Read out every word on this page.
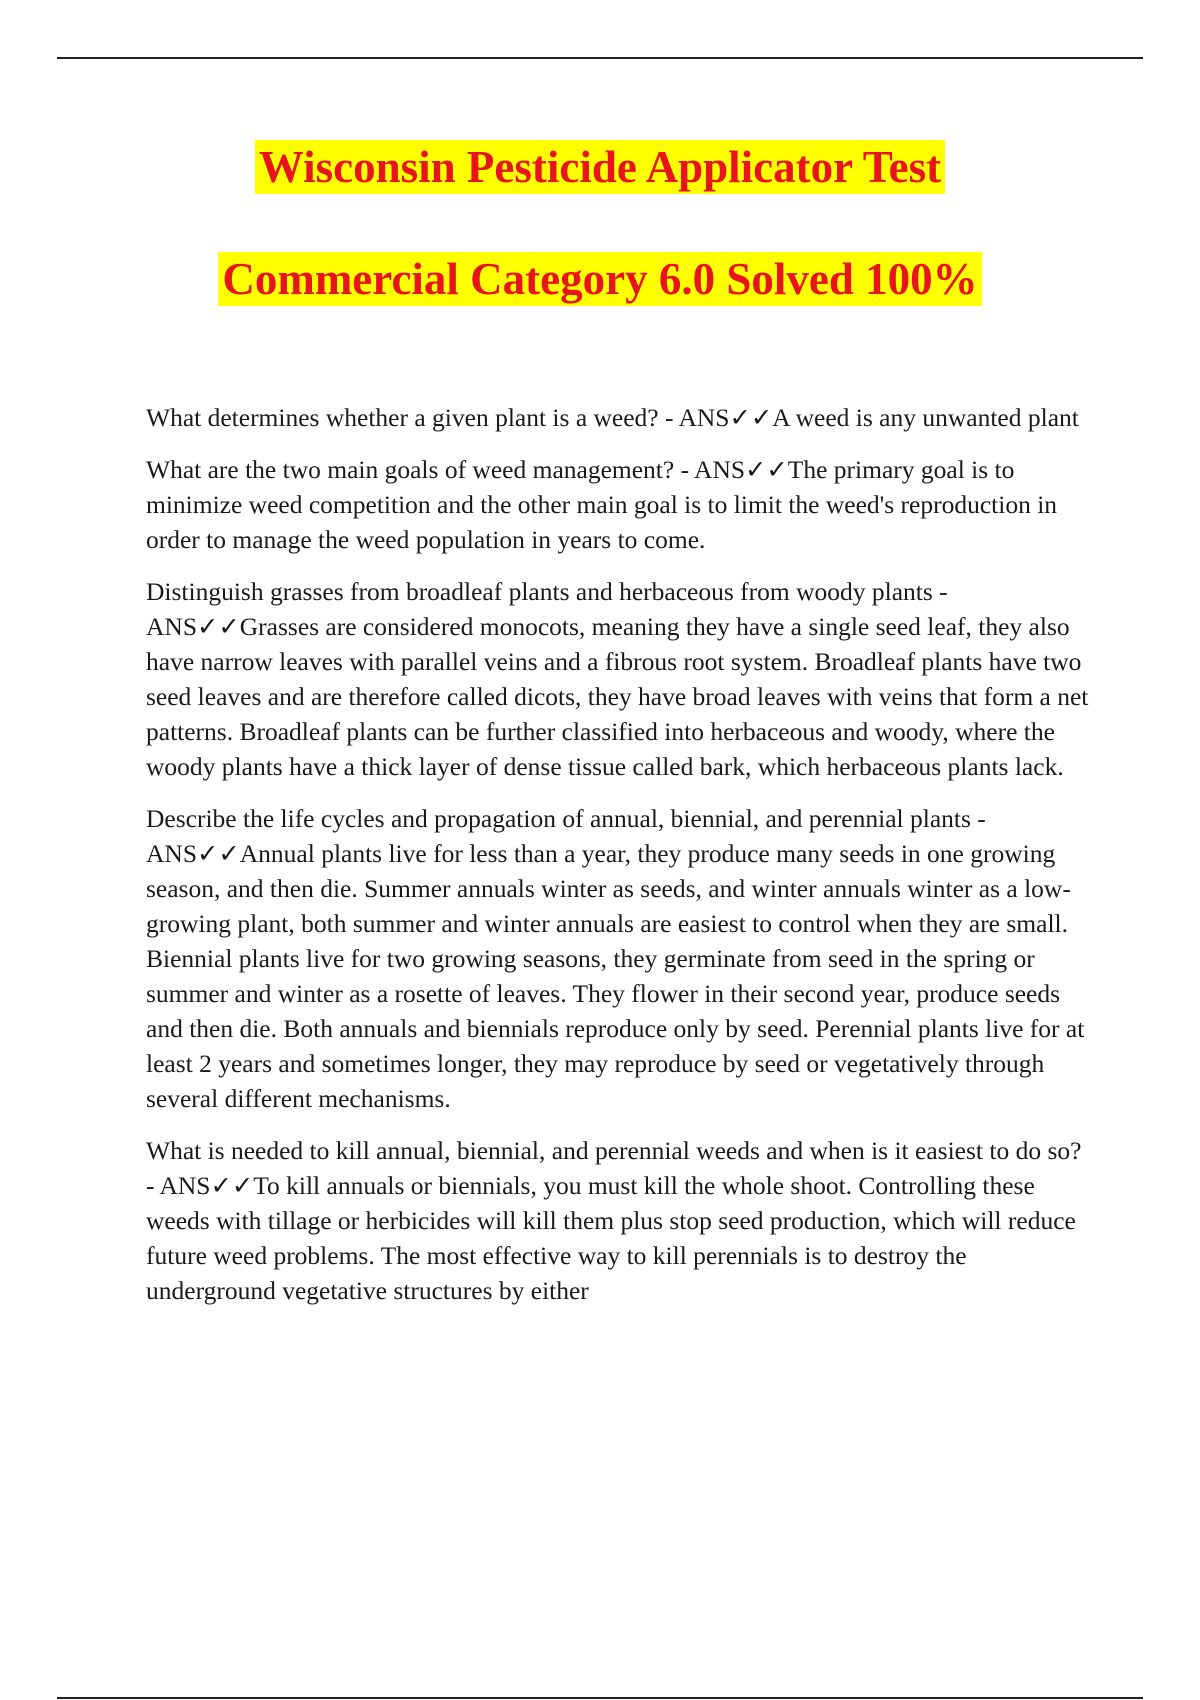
Wisconsin Pesticide Applicator Test
Commercial Category 6.0 Solved 100%

What determines whether a given plant is a weed? - ANS✓✓A weed is any unwanted plant

What are the two main goals of weed management? - ANS✓✓The primary goal is to minimize weed competition and the other main goal is to limit the weed's reproduction in order to manage the weed population in years to come.

Distinguish grasses from broadleaf plants and herbaceous from woody plants - ANS✓✓Grasses are considered monocots, meaning they have a single seed leaf, they also have narrow leaves with parallel veins and a fibrous root system. Broadleaf plants have two seed leaves and are therefore called dicots, they have broad leaves with veins that form a net patterns. Broadleaf plants can be further classified into herbaceous and woody, where the woody plants have a thick layer of dense tissue called bark, which herbaceous plants lack.

Describe the life cycles and propagation of annual, biennial, and perennial plants - ANS✓✓Annual plants live for less than a year, they produce many seeds in one growing season, and then die. Summer annuals winter as seeds, and winter annuals winter as a low-growing plant, both summer and winter annuals are easiest to control when they are small. Biennial plants live for two growing seasons, they germinate from seed in the spring or summer and winter as a rosette of leaves. They flower in their second year, produce seeds and then die. Both annuals and biennials reproduce only by seed. Perennial plants live for at least 2 years and sometimes longer, they may reproduce by seed or vegetatively through several different mechanisms.

What is needed to kill annual, biennial, and perennial weeds and when is it easiest to do so? - ANS✓✓To kill annuals or biennials, you must kill the whole shoot. Controlling these weeds with tillage or herbicides will kill them plus stop seed production, which will reduce future weed problems. The most effective way to kill perennials is to destroy the underground vegetative structures by either
